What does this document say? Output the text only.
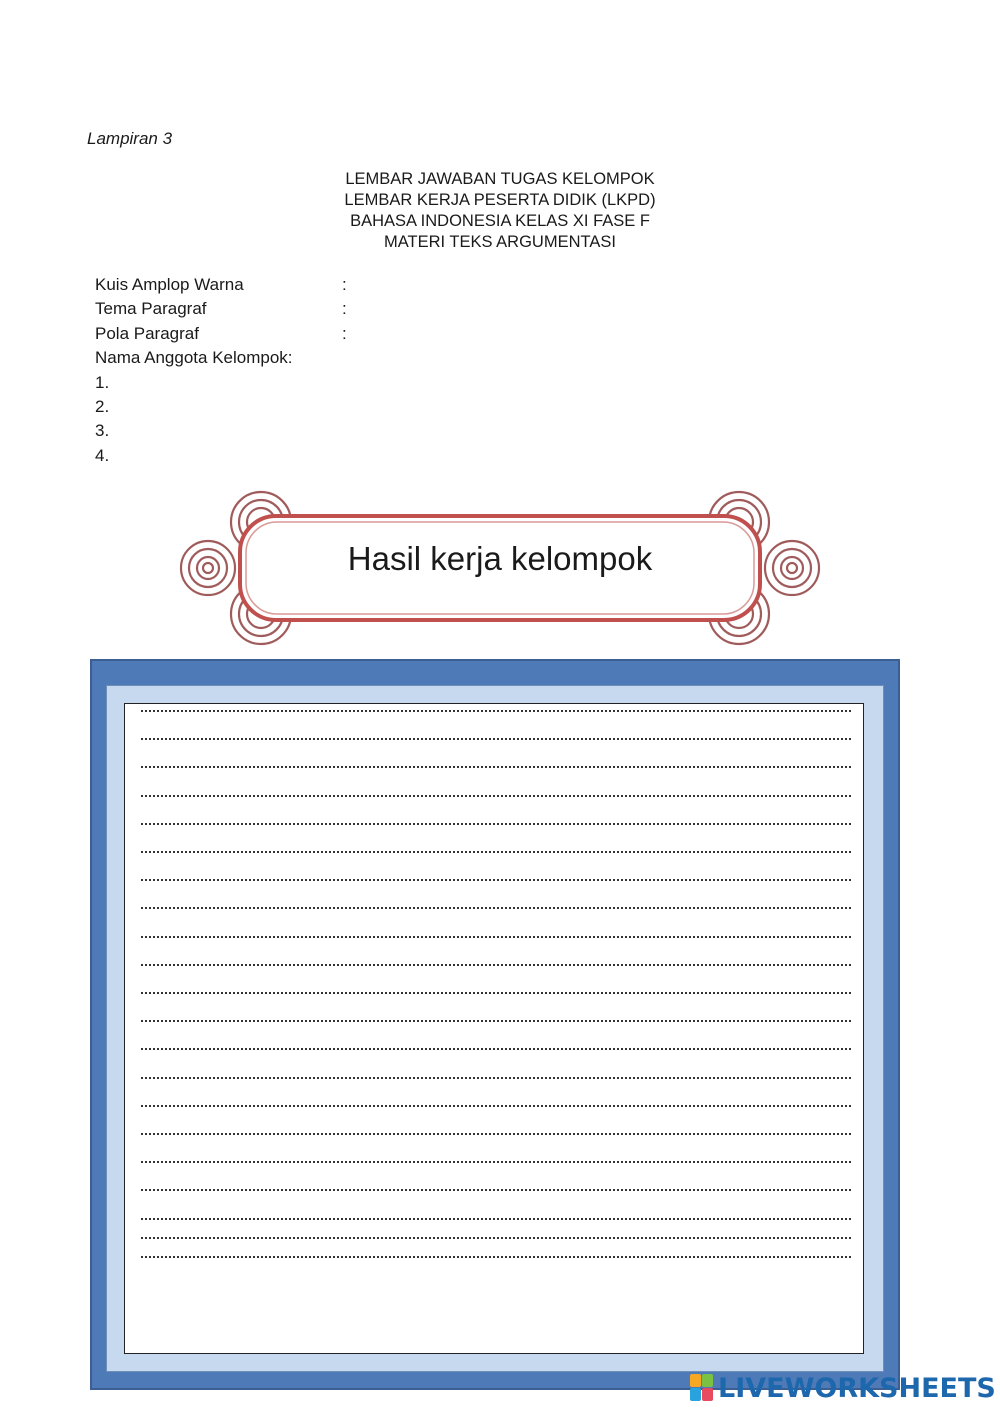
Lampiran 3
LEMBAR JAWABAN TUGAS KELOMPOK
LEMBAR KERJA PESERTA DIDIK (LKPD)
BAHASA INDONESIA KELAS XI FASE F
MATERI TEKS ARGUMENTASI
Kuis Amplop Warna	:
Tema Paragraf	:
Pola Paragraf	:
Nama Anggota Kelompok:
1.
2.
3.
4.
Hasil kerja kelompok
LIVEWORKSHEETS
